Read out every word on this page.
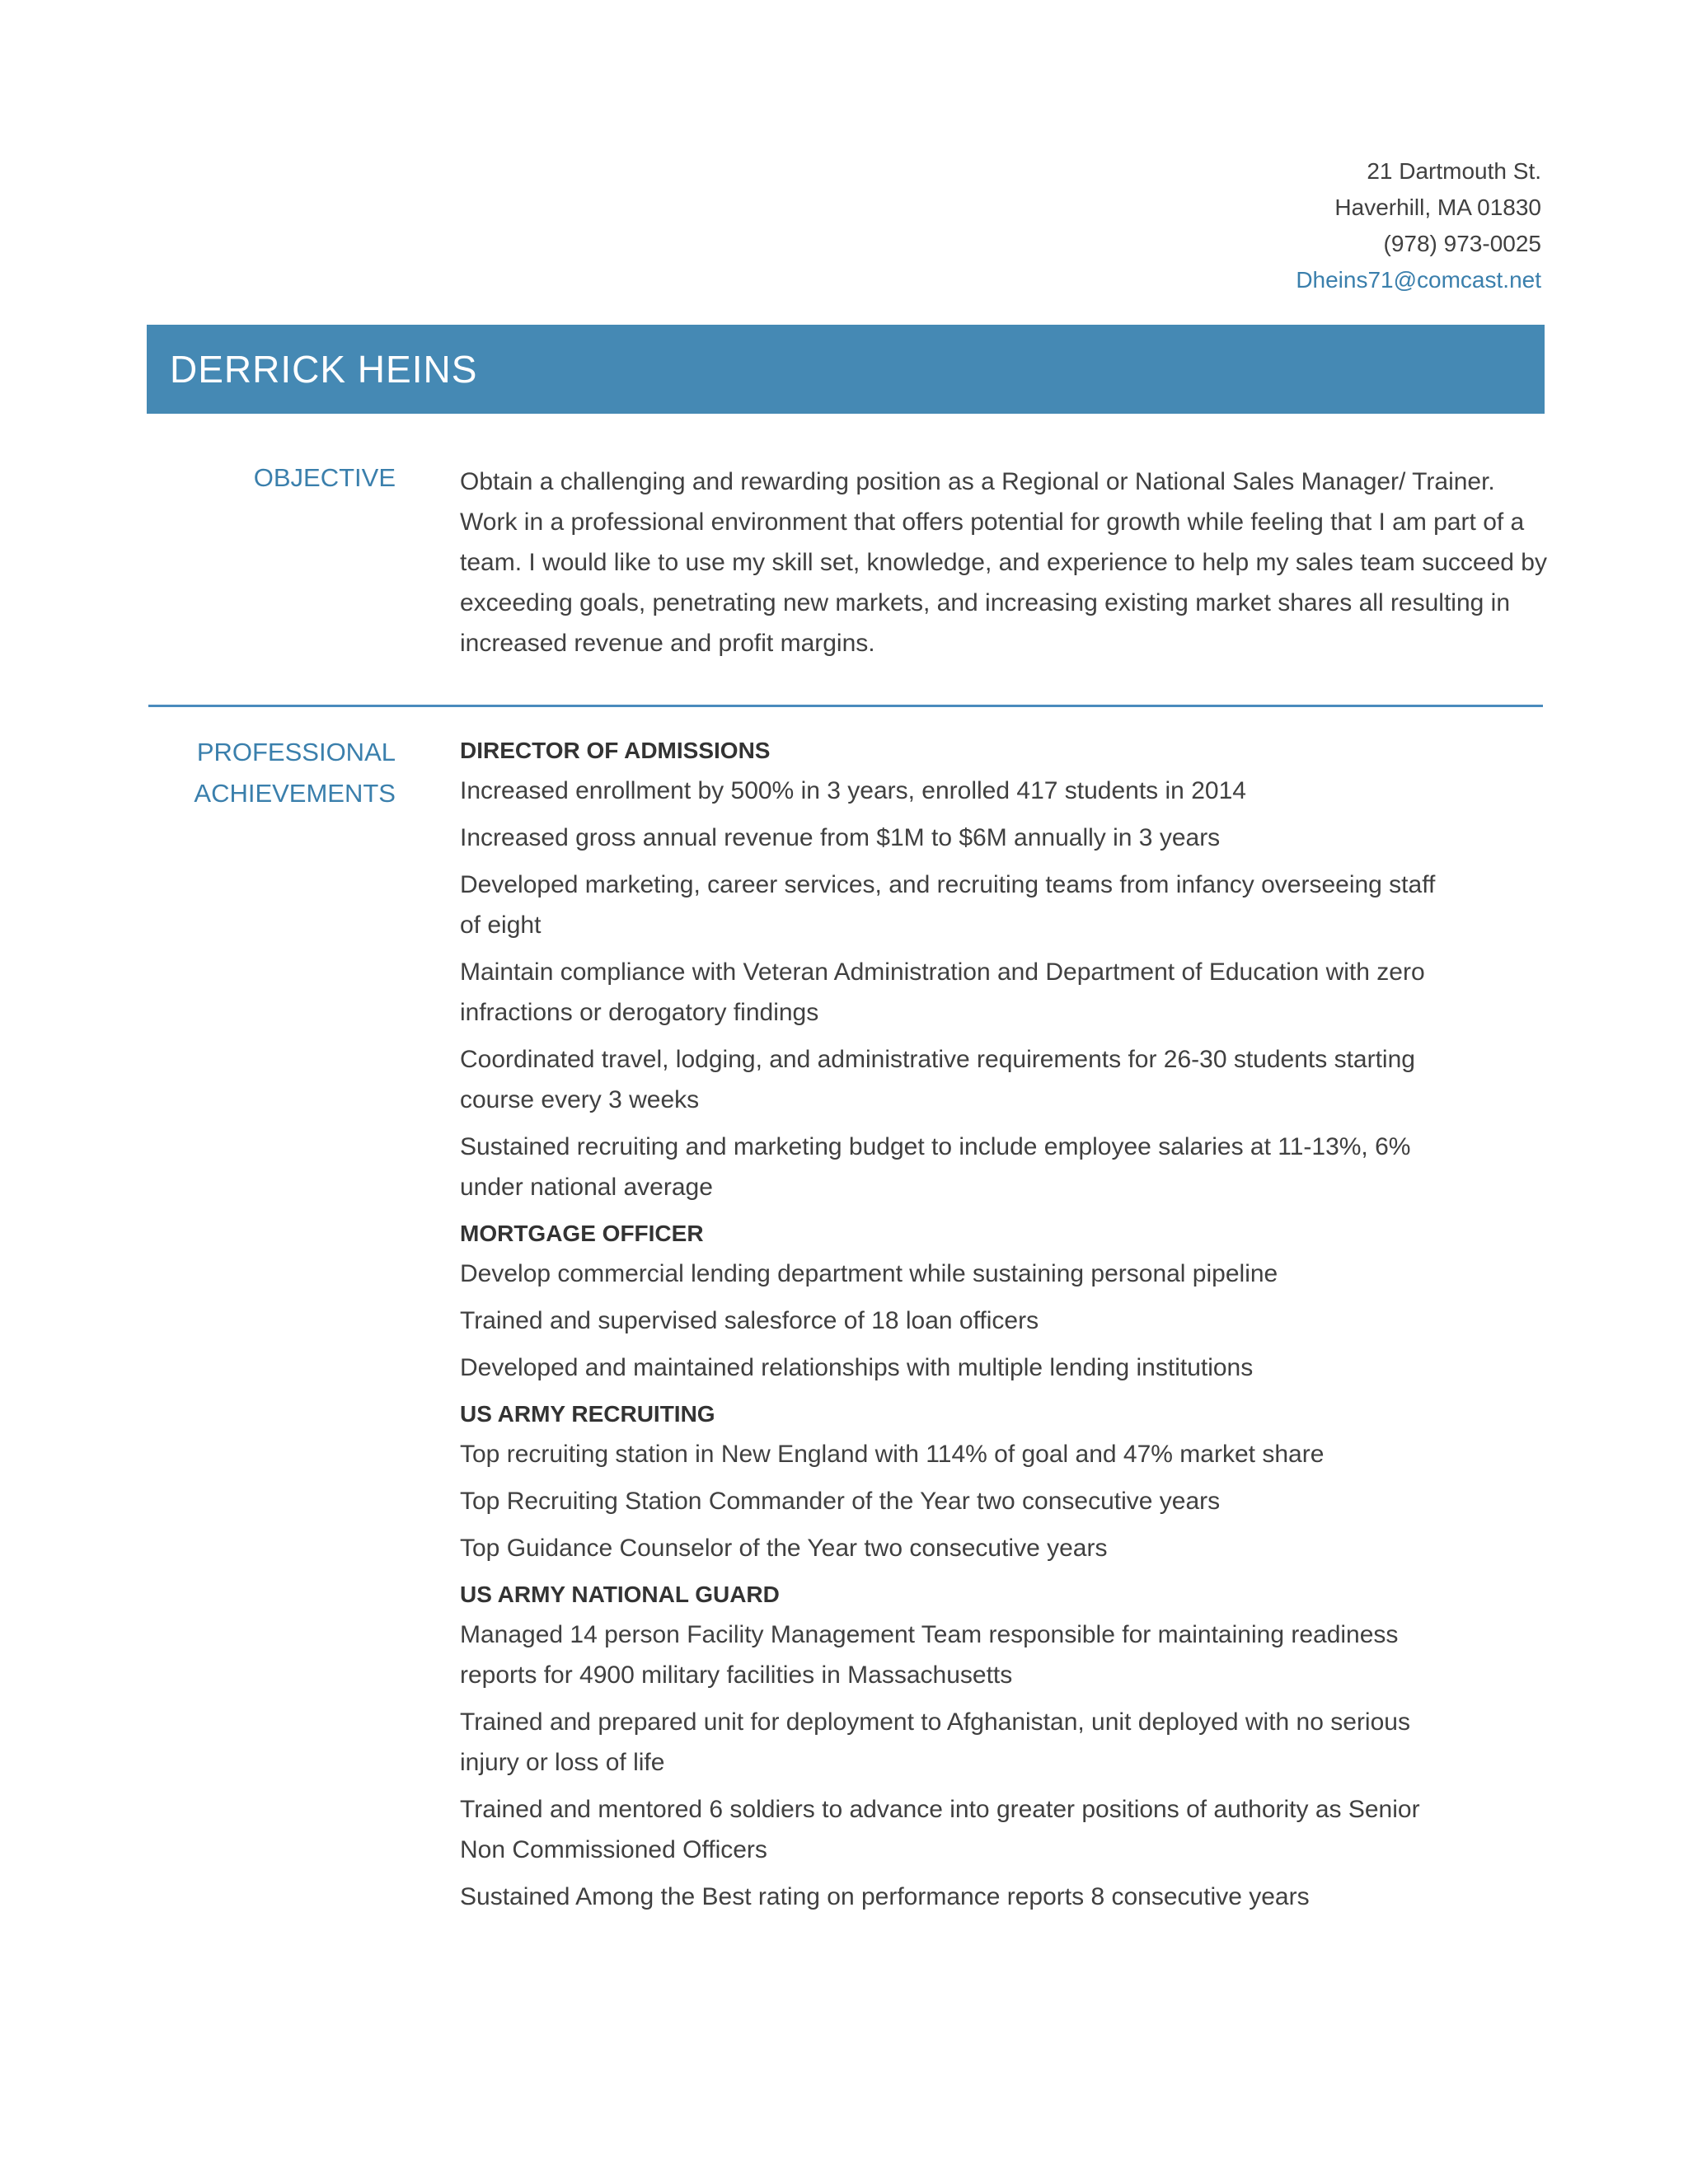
21 Dartmouth St.
Haverhill, MA 01830
(978) 973-0025
Dheins71@comcast.net
DERRICK HEINS
OBJECTIVE	Obtain a challenging and rewarding position as a Regional or National Sales Manager/ Trainer. Work in a professional environment that offers potential for growth while feeling that I am part of a team. I would like to use my skill set, knowledge, and experience to help my sales team succeed by exceeding goals, penetrating new markets, and increasing existing market shares all resulting in increased revenue and profit margins.
PROFESSIONAL
ACHIEVEMENTS
DIRECTOR OF ADMISSIONS
Increased enrollment by 500% in 3 years, enrolled 417 students in 2014
Increased gross annual revenue from $1M to $6M annually in 3 years
Developed marketing, career services, and recruiting teams from infancy overseeing staff of eight
Maintain compliance with Veteran Administration and Department of Education with zero infractions or derogatory findings
Coordinated travel, lodging, and administrative requirements for 26-30 students starting course every 3 weeks
Sustained recruiting and marketing budget to include employee salaries at 11-13%, 6% under national average
MORTGAGE OFFICER
Develop commercial lending department while sustaining personal pipeline
Trained and supervised salesforce of 18 loan officers
Developed and maintained relationships with multiple lending institutions
US ARMY RECRUITING
Top recruiting station in New England with 114% of goal and 47% market share
Top Recruiting Station Commander of the Year two consecutive years
Top Guidance Counselor of the Year two consecutive years
US ARMY NATIONAL GUARD
Managed 14 person Facility Management Team responsible for maintaining readiness reports for 4900 military facilities in Massachusetts
Trained and prepared unit for deployment to Afghanistan, unit deployed with no serious injury or loss of life
Trained and mentored 6 soldiers to advance into greater positions of authority as Senior Non Commissioned Officers
Sustained Among the Best rating on performance reports 8 consecutive years
